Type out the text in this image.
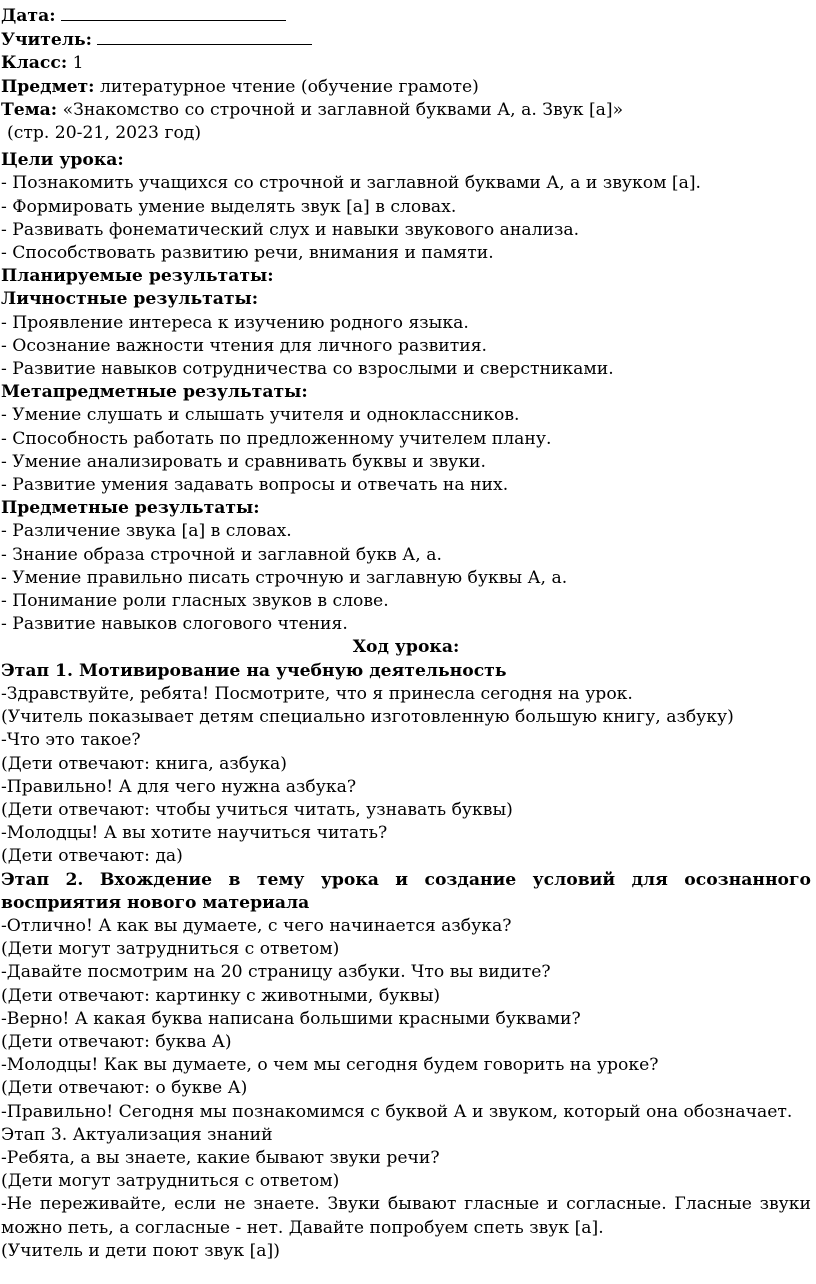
Дата:

Учитель:

Класс: 1

Предмет: литературное чтение (обучение грамоте)

Тема: «Знакомство со строчной и заглавной буквами А, а. Звук [а]»

(стр. 20-21, 2023 год)

Цели урока:

- Познакомить учащихся со строчной и заглавной буквами А, а и звуком [а].

- Формировать умение выделять звук [а] в словах.

- Развивать фонематический слух и навыки звукового анализа.

- Способствовать развитию речи, внимания и памяти.

Планируемые результаты:

Личностные результаты:

- Проявление интереса к изучению родного языка.

- Осознание важности чтения для личного развития.

- Развитие навыков сотрудничества со взрослыми и сверстниками.

Метапредметные результаты:

- Умение слушать и слышать учителя и одноклассников.

- Способность работать по предложенному учителем плану.

- Умение анализировать и сравнивать буквы и звуки.

- Развитие умения задавать вопросы и отвечать на них.

Предметные результаты:

- Различение звука [а] в словах.

- Знание образа строчной и заглавной букв А, а.

- Умение правильно писать строчную и заглавную буквы А, а.

- Понимание роли гласных звуков в слове.

- Развитие навыков слогового чтения.

Ход урока:

Этап 1. Мотивирование на учебную деятельность

-Здравствуйте, ребята! Посмотрите, что я принесла сегодня на урок.

(Учитель показывает детям специально изготовленную большую книгу, азбуку)

-Что это такое?

(Дети отвечают: книга, азбука)

-Правильно! А для чего нужна азбука?

(Дети отвечают: чтобы учиться читать, узнавать буквы)

-Молодцы! А вы хотите научиться читать?

(Дети отвечают: да)

Этап 2. Вхождение в тему урока и создание условий для осознанного восприятия нового материала

-Отлично! А как вы думаете, с чего начинается азбука?

(Дети могут затрудниться с ответом)

-Давайте посмотрим на 20 страницу азбуки. Что вы видите?

(Дети отвечают: картинку с животными, буквы)

-Верно! А какая буква написана большими красными буквами?

(Дети отвечают: буква А)

-Молодцы! Как вы думаете, о чем мы сегодня будем говорить на уроке?

(Дети отвечают: о букве А)

-Правильно! Сегодня мы познакомимся с буквой А и звуком, который она обозначает.

Этап 3. Актуализация знаний

-Ребята, а вы знаете, какие бывают звуки речи?

(Дети могут затрудниться с ответом)

-Не переживайте, если не знаете. Звуки бывают гласные и согласные. Гласные звуки можно петь, а согласные - нет. Давайте попробуем спеть звук [а].

(Учитель и дети поют звук [а])
